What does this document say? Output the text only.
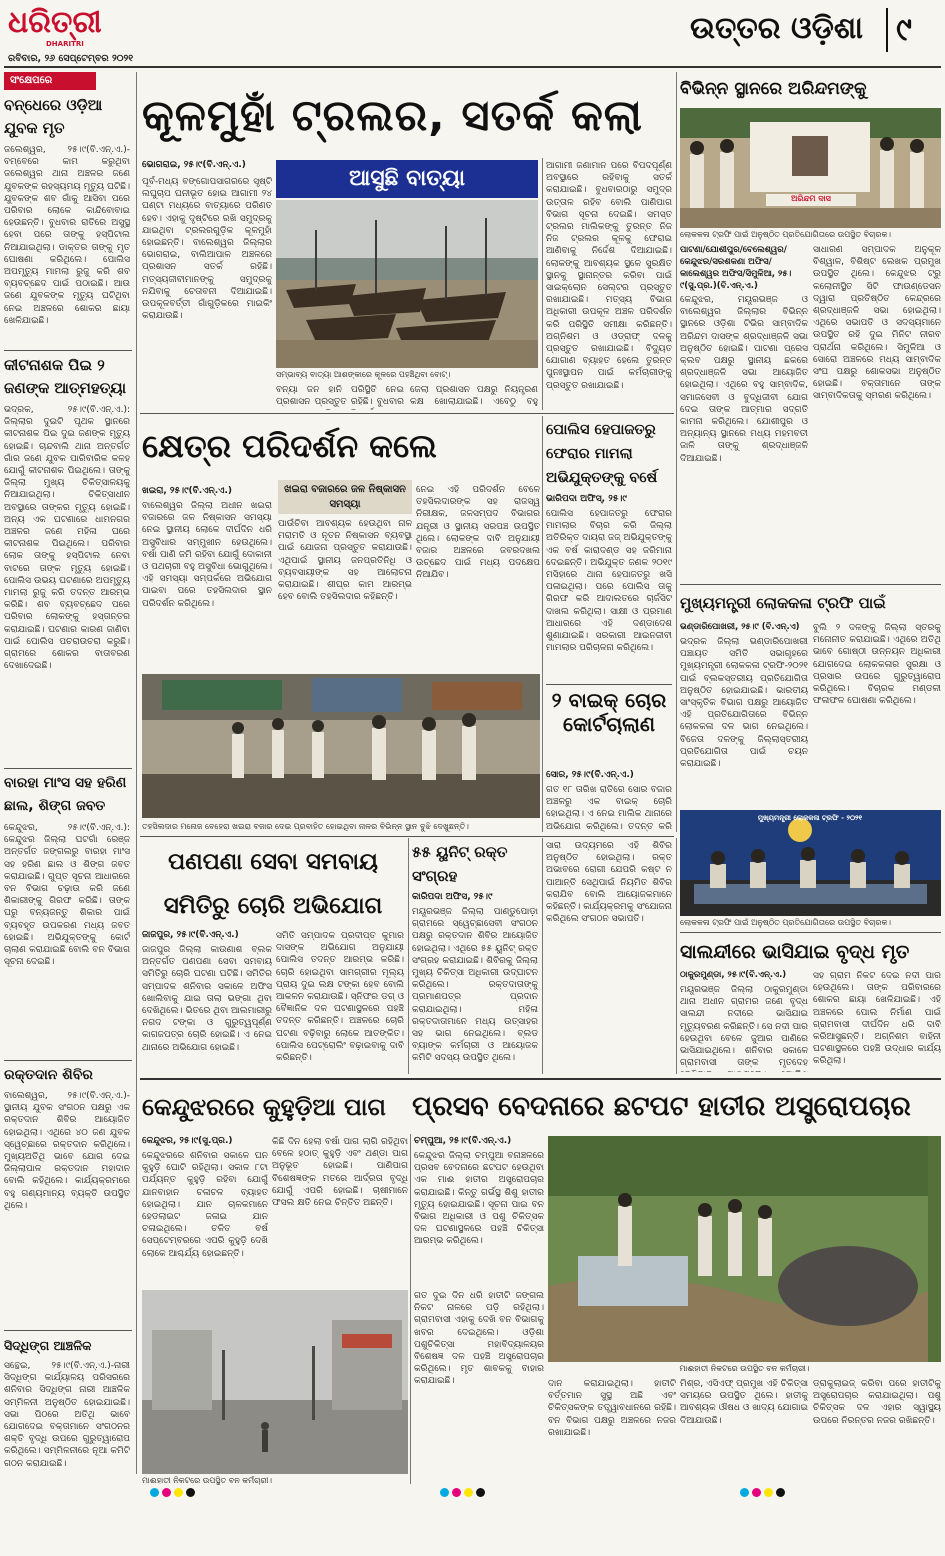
ଧରିତ୍ରୀ
DHARITRI
ରବିବାର, ୨୬ ସେପ୍ଟେମ୍ବର ୨୦୨୧
ଉତ୍ତର ଓଡ଼ିଶା	୯
ସଂକ୍ଷେପରେ
ବନ୍ଧେରେ ଓଡ଼ିଆ ଯୁବକ ମୃତ
ଜଲେଶ୍ୱର, ୨୫।୯(ବି.ଏନ୍‌.ଏ.)-ବମ୍ବେରେ କାମ କରୁଥିବା ଜଲେଶ୍ୱର ଥାନା ଅଞ୍ଚଳର ଜଣେ ଯୁବକଙ୍କ ରହସ୍ୟମୟ ମୃତ୍ୟୁ ଘଟିଛି। ଯୁବକଙ୍କ ଶବ ଗାଁକୁ ଆସିବା ପରେ ପରିବାର ଲୋକେ କାନ୍ଦିବୋବାଇ ହେଉଛନ୍ତି। ବୁଧବାର ରାତିରେ ଅସୁସ୍ଥ ହେବା ପରେ ତାଙ୍କୁ ହସ୍ପିଟାଲ ନିଆଯାଇଥିଲା। ଡାକ୍ତର ତାଙ୍କୁ ମୃତ ଘୋଷଣା କରିଥିଲେ। ପୋଲିସ ଅପମୃତ୍ୟୁ ମାମଲା ରୁଜୁ କରି ଶବ ବ୍ୟବଚ୍ଛେଦ ପାଇଁ ପଠାଇଛି। ଆଉ ଜଣେ ଯୁବକଙ୍କ ମୃତ୍ୟୁ ଘଟିଥିବା ନେଇ ଅଞ୍ଚଳରେ ଶୋକର ଛାୟା ଖେଳିଯାଇଛି।
କୀଟନାଶକ ପିଇ ୨ ଜଣଙ୍କ ଆତ୍ମହତ୍ୟା
ଭଦ୍ରକ, ୨୫।୯(ବି.ଏନ୍‌.ଏ.): ଜିଲ୍ଲାର ଦୁଇଟି ପୃଥକ ସ୍ଥାନରେ କୀଟନାଶକ ପିଇ ଦୁଇ ଜଣଙ୍କ ମୃତ୍ୟୁ ହୋଇଛି। ଚାନ୍ଦବାଲି ଥାନା ଅନ୍ତର୍ଗତ ଗାଁର ଜଣେ ଯୁବକ ପାରିବାରିକ କଳହ ଯୋଗୁଁ କୀଟନାଶକ ପିଇଥିଲେ। ତାଙ୍କୁ ଜିଲ୍ଲା ମୁଖ୍ୟ ଚିକିତ୍ସାଳୟକୁ ନିଆଯାଇଥିଲା। ଚିକିତ୍ସାଧୀନ ଅବସ୍ଥାରେ ତାଙ୍କର ମୃତ୍ୟୁ ହୋଇଛି। ଅନ୍ୟ ଏକ ଘଟଣାରେ ଧାମନଗର ଅଞ୍ଚଳର ଜଣେ ମହିଳା ଘରେ କୀଟନାଶକ ପିଇଥିଲେ। ପରିବାର ଲୋକ ତାଙ୍କୁ ହସ୍ପିଟାଲ ନେବା ବାଟରେ ତାଙ୍କ ମୃତ୍ୟୁ ହୋଇଛି। ପୋଲିସ ଉଭୟ ଘଟଣାରେ ଅପମୃତ୍ୟୁ ମାମଲା ରୁଜୁ କରି ତଦନ୍ତ ଆରମ୍ଭ କରିଛି। ଶବ ବ୍ୟବଚ୍ଛେଦ ପରେ ପରିବାର ଲୋକଙ୍କୁ ହସ୍ତାନ୍ତର କରାଯାଇଛି। ଘଟଣାର କାରଣ ଜାଣିବା ପାଇଁ ପୋଲିସ ପଚରାଉଚରା କରୁଛି। ଗ୍ରାମରେ ଶୋକର ବାତାବରଣ ଦେଖାଦେଇଛି।
ବାରହା ମାଂସ ସହ ହରିଣ ଛାଲ, ଶିଙ୍ଗ ଜବତ
କେନ୍ଦୁଝର, ୨୫।୯(ବି.ଏନ୍‌.ଏ.): କେନ୍ଦୁଝର ଜିଲ୍ଲା ଘଟଗାଁ ରେଞ୍ଜ ଅନ୍ତର୍ଗତ ଜଙ୍ଗଲରୁ ବାରହା ମାଂସ ସହ ହରିଣ ଛାଲ ଓ ଶିଙ୍ଗ ଜବତ କରାଯାଇଛି। ଗୁପ୍ତ ସୂଚନା ଆଧାରରେ ବନ ବିଭାଗ ଚଢ଼ାଉ କରି ଜଣେ ଶିକାରୀଙ୍କୁ ଗିରଫ କରିଛି। ତାଙ୍କ ଘରୁ ବନ୍ୟଜନ୍ତୁ ଶିକାର ପାଇଁ ବ୍ୟବହୃତ ଉପକରଣ ମଧ୍ୟ ଜବତ ହୋଇଛି। ଅଭିଯୁକ୍ତଙ୍କୁ କୋର୍ଟ ଚାଲାଣ କରାଯାଇଛି ବୋଲି ବନ ବିଭାଗ ସୂଚନା ଦେଇଛି।
ରକ୍ତଦାନ ଶିବିର
ବାଲେଶ୍ୱର, ୨୫।୯(ବି.ଏନ୍‌.ଏ.)-ସ୍ଥାନୀୟ ଯୁବକ ସଂଗଠନ ପକ୍ଷରୁ ଏକ ରକ୍ତଦାନ ଶିବିର ଆୟୋଜିତ ହୋଇଥିଲା। ଏଥିରେ ୪୦ ଜଣ ଯୁବକ ସ୍ୱେଚ୍ଛାରେ ରକ୍ତଦାନ କରିଥିଲେ। ମୁଖ୍ୟଅତିଥି ଭାବେ ଯୋଗ ଦେଇ ଜିଲ୍ଲାପାଳ ରକ୍ତଦାନ ମହାଦାନ ବୋଲି କହିଥିଲେ। କାର୍ଯ୍ୟକ୍ରମରେ ବହୁ ଗଣ୍ୟମାନ୍ୟ ବ୍ୟକ୍ତି ଉପସ୍ଥିତ ଥିଲେ।
ସିଦ୍ଧିଙ୍ଗ ଆଞ୍ଚଳିକ
ସନ୍ଥେଇ, ୨୫।୯(ବି.ଏନ୍‌.ଏ.)-ନାରୀ ସିଦ୍ଧିଙ୍ଗ କାର୍ଯ୍ୟାଳୟ ପରିସରରେ ଶନିବାର ସିଦ୍ଧିଙ୍ଗ ନାରୀ ଆଞ୍ଚଳିକ ସମ୍ମିଳନୀ ଅନୁଷ୍ଠିତ ହୋଇଯାଇଛି। ସଭା ପିଠରେ ଅତିଥି ଭାବେ ଯୋଗଦେଇ ବକ୍ତାମାନେ ସଂଗଠନର ଶକ୍ତି ବୃଦ୍ଧି ଉପରେ ଗୁରୁତ୍ୱାରୋପ କରିଥିଲେ। ସମ୍ମିଳନୀରେ ନୂଆ କମିଟି ଗଠନ କରାଯାଇଛି।
କୂଳମୁହାଁ ଟ୍ରଲର, ସତର୍କ କଲା
ଭୋଗରାଇ, ୨୫।୯(ବି.ଏନ୍‌.ଏ.)
ଆସୁଛି ବାତ୍ୟା
ପୂର୍ବ-ମଧ୍ୟ ବଙ୍ଗୋପସାଗରରେ ସୃଷ୍ଟି ଲଘୁଚାପ ଘନୀଭୂତ ହୋଇ ଆଗାମୀ ୨୪ ଘଣ୍ଟା ମଧ୍ୟରେ ବାତ୍ୟାରେ ପରିଣତ ହେବ। ଏହାକୁ ଦୃଷ୍ଟିରେ ରଖି ସମୁଦ୍ରକୁ ଯାଇଥିବା ଟ୍ରଲରଗୁଡ଼ିକ କୂଳମୁହାଁ ହୋଇଛନ୍ତି। ବାଲେଶ୍ୱର ଜିଲ୍ଲାର ଭୋଗରାଇ, ବାଲିଆପାଳ ଅଞ୍ଚଳରେ ପ୍ରଶାସନ ସତର୍କ ରହିଛି। ମତ୍ସ୍ୟଜୀବୀମାନଙ୍କୁ ସମୁଦ୍ରକୁ ନଯିବାକୁ ଚେତାବନୀ ଦିଆଯାଇଛି। ଉପକୂଳବର୍ତ୍ତୀ ଗାଁଗୁଡ଼ିକରେ ମାଇକିଂ କରାଯାଉଛି।
ସମ୍ଭାବ୍ୟ ବାତ୍ୟା ଆଶଙ୍କାରେ କୂଳରେ ପହଞ୍ଚିଥିବା ବୋଟ୍‌।
ବନ୍ୟା ଜନ ହାନି ପରିସ୍ଥିତି ନେଇ ପ୍ରଶାସନ ପ୍ରସ୍ତୁତ ରହିଛି। ବୁଧବାର
ଜେଲା ପ୍ରଶାସନ ପକ୍ଷରୁ ନିୟନ୍ତ୍ରଣ କକ୍ଷ ଖୋଲାଯାଇଛି। ଏବେଠୁ ବହୁ
ଆଗାମୀ ଜଣାମାନ ପରେ ବିପଦପୂର୍ଣ୍ଣ ଅବସ୍ଥାରେ ରହିବାକୁ ସତର୍କ କରାଯାଇଛି। ବୁଧବାରଠାରୁ ସମୁଦ୍ର ଉତ୍ତାଳ ରହିବ ବୋଲି ପାଣିପାଗ ବିଭାଗ ସୂଚନା ଦେଇଛି। ସମସ୍ତ ଟ୍ରଲର ମାଲିକଙ୍କୁ ତୁରନ୍ତ ନିଜ ନିଜ ଟ୍ରଲର କୂଳକୁ ଫେରାଇ ଆଣିବାକୁ ନିର୍ଦ୍ଦେଶ ଦିଆଯାଇଛି। ଲୋକଙ୍କୁ ଆବଶ୍ୟକ ସ୍ଥଳେ ସୁରକ୍ଷିତ ସ୍ଥାନକୁ ସ୍ଥାନାନ୍ତର କରିବା ପାଇଁ ସାଇକ୍ଲୋନ ସେଲ୍‌ଟର ପ୍ରସ୍ତୁତ ରଖାଯାଇଛି। ମତ୍ସ୍ୟ ବିଭାଗ ଅଧିକାରୀ ଉପକୂଳ ଅଞ୍ଚଳ ପରିଦର୍ଶନ କରି ପରିସ୍ଥିତି ସମୀକ୍ଷା କରିଛନ୍ତି। ଅଗ୍ନିଶମ ଓ ଓଡ୍ରାଫ୍ ଦଳକୁ ପ୍ରସ୍ତୁତ ରଖାଯାଇଛି। ବିଦ୍ୟୁତ ଯୋଗାଣ ବ୍ୟାହତ ହେଲେ ତୁରନ୍ତ ପୁନଃସ୍ଥାପନ ପାଇଁ କର୍ମଚାରୀଙ୍କୁ ପ୍ରସ୍ତୁତ ରଖାଯାଇଛି।
କ୍ଷେତ୍ର ପରିଦର୍ଶନ କଲେ
ଖଇରା, ୨୫।୯(ବି.ଏନ୍‌.ଏ.)	ଖଇରା ବଜାରରେ ଜଳ ନିଷ୍କାସନ ସମସ୍ୟା
ବାଲେଶ୍ୱର ଜିଲ୍ଲା ଅଧୀନ ଖଇରା ବଜାରରେ ଜଳ ନିଷ୍କାସନ ସମସ୍ୟା ନେଇ ସ୍ଥାନୀୟ ଲୋକେ ଦୀର୍ଘଦିନ ଧରି ଅସୁବିଧାର ସମ୍ମୁଖୀନ ହେଉଥିଲେ। ବର୍ଷା ପାଣି ଜମି ରହିବା ଯୋଗୁଁ ଦୋକାନୀ ଓ ପଥଚାରୀ ବହୁ ଅସୁବିଧା ଭୋଗୁଥିଲେ। ଏହି ସମସ୍ୟା ସମ୍ପର୍କରେ ଅଭିଯୋଗ ପାଇବା ପରେ ତହସିଲଦାର ସ୍ଥାନ ପରିଦର୍ଶନ କରିଥିଲେ।
ପାଉଁଚିବା ଆବଶ୍ୟକ ହେଉଥିବା ନାଳ ମରାମତି ଓ ନୂତନ ନିଷ୍କାସନ ବ୍ୟବସ୍ଥା ପାଇଁ ଯୋଜନା ପ୍ରସ୍ତୁତ କରାଯାଉଛି। ଏଥିପାଇଁ ସ୍ଥାନୀୟ ଜନପ୍ରତିନିଧି ଓ ବ୍ୟବସାୟୀଙ୍କ ସହ ଆଲୋଚନା କରାଯାଇଛି। ଶୀଘ୍ର କାମ ଆରମ୍ଭ ହେବ ବୋଲି ତହସିଲଦାର କହିଛନ୍ତି।
ନେଇ ଏହି ପରିଦର୍ଶନ ବେଳେ ତହସିଲଦାରଙ୍କ ସହ ରାଜସ୍ୱ ନିରୀକ୍ଷକ, ଜଳସମ୍ପଦ ବିଭାଗର ଯନ୍ତ୍ରୀ ଓ ସ୍ଥାନୀୟ ସରପଞ୍ଚ ଉପସ୍ଥିତ ଥିଲେ। ଲୋକଙ୍କ ଦାବି ଅନୁଯାୟୀ ବଜାର ଅଞ୍ଚଳରେ ଜବରଦଖଲ ଉଚ୍ଛେଦ ପାଇଁ ମଧ୍ୟ ପଦକ୍ଷେପ ନିଆଯିବ।
ତହସିଲଦାର ମନୋଜ ବେହେରା ଖଇରା ବଜାର ଦେଇ ପ୍ରବାହିତ ହୋଇଥିବା ନାଳର ବିଭିନ୍ନ ସ୍ଥାନ ବୁଝି ଦେଖୁଛନ୍ତି।
ପୋଲିସ ହେପାଜତରୁ ଫେରାର ମାମଲା ଅଭିଯୁକ୍ତଙ୍କୁ ବର୍ଷେ
ଭାରିପଦା ଅଫିସ୍‌, ୨୫।୯
ପୋଲିସ ହେପାଜତରୁ ଫେରାର ମାମଲାର ବିଚାର କରି ଜିଲ୍ଲା ଅତିରିକ୍ତ ଦାୟରା ଜଜ୍‌ ଅଭିଯୁକ୍ତଙ୍କୁ ଏକ ବର୍ଷ କାରାଦଣ୍ଡ ସହ ଜରିମାନା ଦେଇଛନ୍ତି। ଅଭିଯୁକ୍ତ ଜଣକ ୨୦୧୯ ମସିହାରେ ଥାନା ହେପାଜତରୁ ଖସି ପଳାଇଥିଲା। ପରେ ପୋଲିସ ତାକୁ ଗିରଫ କରି ଆଦାଲତରେ ଚାର୍ଜସିଟ ଦାଖଲ କରିଥିଲା। ସାକ୍ଷୀ ଓ ପ୍ରମାଣ ଆଧାରରେ ଏହି ଦଣ୍ଡାଦେଶ ଶୁଣାଯାଇଛି। ସରକାରୀ ଆଇନଜୀବୀ ମାମଲାର ପରିଚାଳନା କରିଥିଲେ।
୨ ବାଇକ୍ ଚୋର କୋର୍ଟଚାଲାଣ
ସୋର, ୨୫।୯(ବି.ଏନ୍‌.ଏ.)
ଗତ ୧୮ ତାରିଖ ରାତିରେ ସୋର ବଜାର ଅଞ୍ଚଳରୁ ଏକ ବାଇକ୍ ଚୋରି ହୋଇଥିଲା। ଏ ନେଇ ମାଲିକ ଥାନାରେ ଅଭିଯୋଗ କରିଥିଲେ। ତଦନ୍ତ କରି
ବିଭିନ୍ନ ସ୍ଥାନରେ ଅରିନ୍ଦମଙ୍କୁ
ଅରିନ୍ଦମ ଦାସ
ଲୋକକଳା ଟ୍ରଫି ପାଇଁ ଅନୁଷ୍ଠିତ ପ୍ରତିଯୋଗିତାରେ ଉପସ୍ଥିତ ବିଚାରକ।
ପାଟଣା/ଯୋଶୀପୁର/ବେଲେଶ୍ୱର/କେନ୍ଦୁଝର/ସରଶକଣା ଅଫିସ/କାଲେଶ୍ୱର ଅଫିସ/ସିମୁଳିଆ, ୨୫।୯(ସୁ.ପ୍ର.)(ବି.ଏନ୍‌.ଏ.)
କେନ୍ଦୁଝର, ମୟୂରଭଞ୍ଜ ଓ ବାଲେଶ୍ୱର ଜିଲ୍ଲାର ବିଭିନ୍ନ ସ୍ଥାନରେ ଓଡ଼ିଶା ଟିଭିର ସାମ୍ବାଦିକ ଅରିନ୍ଦମ ଦାସଙ୍କ ଶ୍ରଦ୍ଧାଞ୍ଜଳି ସଭା ଅନୁଷ୍ଠିତ ହୋଇଛି। ପାଟଣା ପ୍ରେସ କ୍ଲବ ପକ୍ଷରୁ ସ୍ଥାନୀୟ ଛକରେ ଶ୍ରଦ୍ଧାଞ୍ଜଳି ସଭା ଆୟୋଜିତ ହୋଇଥିଲା। ଏଥିରେ ବହୁ ସାମ୍ବାଦିକ, ସମାଜସେବୀ ଓ ବୁଦ୍ଧିଜୀବୀ ଯୋଗ ଦେଇ ତାଙ୍କ ଆତ୍ମାର ସଦ୍ଗତି କାମନା କରିଥିଲେ। ଯୋଶୀପୁର ଓ ଅନ୍ୟାନ୍ୟ ସ୍ଥାନରେ ମଧ୍ୟ ମହମବତୀ ଜାଳି ତାଙ୍କୁ ଶ୍ରଦ୍ଧାଞ୍ଜଳି ଦିଆଯାଇଛି।
ସାଧାରଣ ସମ୍ପାଦକ ଅନୁକୂଳ ବିଶ୍ୱାଳ, ବିଶିଷ୍ଟ ଲେଖକ ପ୍ରମୁଖ ଉପସ୍ଥିତ ଥିଲେ। କେନ୍ଦୁଝର ଟ୍ରୁ କଲୋନୀସ୍ଥିତ ସିଟି ଫାଉଣ୍ଡେସନ ଦ୍ୱାରା ପ୍ରତିଷ୍ଠିତ କେନ୍ଦ୍ରରେ ଶ୍ରଦ୍ଧାଞ୍ଜଳି ସଭା ହୋଇଥିଲା। ଏଥିରେ ସଭାପତି ଓ ସଦସ୍ୟମାନେ ଉପସ୍ଥିତ ରହି ଦୁଇ ମିନିଟ ନୀରବ ପ୍ରାର୍ଥନା କରିଥିଲେ। ସିମୁଳିଆ ଓ ସୋରୋ ଅଞ୍ଚଳରେ ମଧ୍ୟ ସାମ୍ବାଦିକ ସଂଘ ପକ୍ଷରୁ ଶୋକସଭା ଅନୁଷ୍ଠିତ ହୋଇଛି। ବକ୍ତାମାନେ ତାଙ୍କ ସାମ୍ବାଦିକତାକୁ ସ୍ମରଣ କରିଥିଲେ।
ମୁଖ୍ୟମନ୍ତ୍ରୀ ଲୋକକଳା ଟ୍ରଫି ପାଇଁ
ଭଣ୍ଡାରିପୋଖରୀ, ୨୫।୯ (ବି.ଏନ୍‌.ଏ)
ଭଦ୍ରକ ଜିଲ୍ଲା ଭଣ୍ଡାରିପୋଖରୀ ପଞ୍ଚାୟତ ସମିତି ସଭାଗୃହରେ ମୁଖ୍ୟମନ୍ତ୍ରୀ ଲୋକକଳା ଟ୍ରଫି-୨୦୨୧ ପାଇଁ ବ୍ଲକସ୍ତରୀୟ ପ୍ରତିଯୋଗିତା ଅନୁଷ୍ଠିତ ହୋଇଯାଇଛି। ଭାରତୀୟ ସାଂସ୍କୃତିକ ବିଭାଗ ପକ୍ଷରୁ ଆୟୋଜିତ ଏହି ପ୍ରତିଯୋଗିତାରେ ବିଭିନ୍ନ ଲୋକକଳା ଦଳ ଭାଗ ନେଇଥିଲେ। ବିଜେତା ଦଳଙ୍କୁ ଜିଲ୍ଲାସ୍ତରୀୟ ପ୍ରତିଯୋଗିତା ପାଇଁ ଚୟନ କରାଯାଇଛି।
ବୁଲି ୨ ଦଳଙ୍କୁ ଜିଲ୍ଲା ସ୍ତରକୁ ମନୋନୀତ କରାଯାଇଛି। ଏଥିରେ ଅତିଥି ଭାବେ ଗୋଷ୍ଠୀ ଉନ୍ନୟନ ଅଧିକାରୀ ଯୋଗଦେଇ ଲୋକକଳାର ସୁରକ୍ଷା ଓ ପ୍ରସାର ଉପରେ ଗୁରୁତ୍ୱାରୋପ କରିଥିଲେ। ବିଚାରକ ମଣ୍ଡଳୀ ଫଳାଫଳ ଘୋଷଣା କରିଥିଲେ।
ମୁଖ୍ୟମନ୍ତ୍ରୀ ଲୋକକଳା ଟ୍ରଫି - ୨୦୨୧
ଲୋକକଳା ଟ୍ରଫି ପାଇଁ ଅନୁଷ୍ଠିତ ପ୍ରତିଯୋଗିତାରେ ଉପସ୍ଥିତ ବିଚାରକ।
ପଣପଣା ସେବା ସମବାୟ ସମିତିରୁ ଚୋରି ଅଭିଯୋଗ
ଜାଜପୁର, ୨୫।୯(ବି.ଏନ୍‌.ଏ.)
ଜାଜପୁର ଜିଲ୍ଲା କାଉଣାଶ ବ୍ଲକ ଅନ୍ତର୍ଗତ ପଣପଣା ସେବା ସମବାୟ ସମିତିରୁ ଚୋରି ଘଟଣା ଘଟିଛି। ସମିତିର ସମ୍ପାଦକ ଶନିବାର ସକାଳେ ଅଫିସ ଖୋଲିବାକୁ ଯାଇ ତାଲା ଭଙ୍ଗା ଥିବା ଦେଖିଥିଲେ। ଭିତରେ ଥିବା ଆଲମାରୀରୁ ନଗଦ ଟଙ୍କା ଓ ଗୁରୁତ୍ୱପୂର୍ଣ୍ଣ କାଗଜପତ୍ର ଚୋରି ହୋଇଛି। ଏ ନେଇ ଥାନାରେ ଅଭିଯୋଗ ହୋଇଛି।
ସମିତି ସମ୍ପାଦକ ପ୍ରଦୀପ୍ତ କୁମାର ଦାସଙ୍କ ଅଭିଯୋଗ ଅନୁଯାୟୀ ପୋଲିସ ତଦନ୍ତ ଆରମ୍ଭ କରିଛି। ଚୋରି ହୋଇଥିବା ସାମଗ୍ରୀର ମୂଲ୍ୟ ପ୍ରାୟ ଦୁଇ ଲକ୍ଷ ଟଙ୍କା ହେବ ବୋଲି ଆକଳନ କରାଯାଉଛି। ସ୍ନିଫର ଡଗ୍ ଓ ବୈଜ୍ଞାନିକ ଦଳ ଘଟଣାସ୍ଥଳରେ ପହଞ୍ଚି ତଦନ୍ତ କରିଛନ୍ତି। ଅଞ୍ଚଳରେ ଚୋରି ଘଟଣା ବଢ଼ିବାରୁ ଲୋକେ ଆତଙ୍କିତ। ପୋଲିସ ପେଟ୍ରୋଲିଂ ବଢ଼ାଇବାକୁ ଦାବି କରିଛନ୍ତି।
୫୫ ୟୁନିଟ୍ ରକ୍ତ ସଂଗ୍ରହ
କାରିପଦା ଅଫିସ, ୨୫।୯
ମୟୂରଭଞ୍ଜ ଜିଲ୍ଲା ପାଣ୍ଡୁପୋଡ଼ା ଗ୍ରାମରେ ସ୍ୱେଚ୍ଛାସେବୀ ସଂଗଠନ ପକ୍ଷରୁ ରକ୍ତଦାନ ଶିବିର ଆୟୋଜିତ ହୋଇଥିଲା। ଏଥିରେ ୫୫ ୟୁନିଟ୍ ରକ୍ତ ସଂଗ୍ରହ କରାଯାଇଛି। ଶିବିରକୁ ଜିଲ୍ଲା ମୁଖ୍ୟ ଚିକିତ୍ସା ଅଧିକାରୀ ଉଦ୍‌ଘାଟନ କରିଥିଲେ। ରକ୍ତଦାତାଙ୍କୁ ପ୍ରମାଣପତ୍ର ପ୍ରଦାନ କରାଯାଇଥିଲା। ମହିଳା ରକ୍ତଦାତାମାନେ ମଧ୍ୟ ଉତ୍ସାହର ସହ ଭାଗ ନେଇଥିଲେ। ବ୍ଲଡ ବ୍ୟାଙ୍କ କର୍ମଚାରୀ ଓ ଆୟୋଜକ କମିଟି ସଦସ୍ୟ ଉପସ୍ଥିତ ଥିଲେ।
ସାରା ଉଦ୍ୟମରେ ଏହି ଶିବିର ଅନୁଷ୍ଠିତ ହୋଇଥିଲା। ରକ୍ତ ଅଭାବରେ ରୋଗୀ ଯେପରି କଷ୍ଟ ନ ପାଆନ୍ତି ସେଥିପାଇଁ ନିୟମିତ ଶିବିର କରାଯିବ ବୋଲି ଆୟୋଜକମାନେ କହିଛନ୍ତି। କାର୍ଯ୍ୟକ୍ରମକୁ ସଂଯୋଜନା କରିଥିଲେ ସଂଗଠନ ସଭାପତି।
ସାଲନ୍ଦୀରେ ଭାସିଯାଇ ବୃଦ୍ଧ ମୃତ
ଠାକୁରମୁଣ୍ଡା, ୨୫।୯(ବି.ଏନ୍‌.ଏ.)
ମୟୂରଭଞ୍ଜ ଜିଲ୍ଲା ଠାକୁରମୁଣ୍ଡା ଥାନା ଅଧୀନ ଗ୍ରାମର ଜଣେ ବୃଦ୍ଧ ସାଲନ୍ଦୀ ନଦୀରେ ଭାସିଯାଇ ମୃତ୍ୟୁବରଣ କରିଛନ୍ତି। ସେ ନଦୀ ପାର ହେଉଥିବା ବେଳେ ଜୁଆର ପାଣିରେ ଭାସିଯାଇଥିଲେ। ଶନିବାର ସକାଳେ ଗ୍ରାମବାସୀ ତାଙ୍କ ମୃତଦେହ
ସହ ଗ୍ରାମ ନିକଟ ଦେଇ ନଦୀ ପାର ହେଉଥିଲେ। ତାଙ୍କ ପରିବାରରେ ଶୋକର ଛାୟା ଖେଳିଯାଇଛି। ଏହି ଅଞ୍ଚଳରେ ପୋଲ ନିର୍ମାଣ ପାଇଁ ଗ୍ରାମବାସୀ ଦୀର୍ଘଦିନ ଧରି ଦାବି କରିଆସୁଛନ୍ତି। ଅଗ୍ନିଶମ ବାହିନୀ ଘଟଣାସ୍ଥଳରେ ପହଞ୍ଚି ଉଦ୍ଧାର କାର୍ଯ୍ୟ କରିଥିଲା।
କେନ୍ଦୁଝରରେ କୁହୁଡ଼ିଆ ପାଗ ପ୍ରସବ ବେଦନାରେ ଛଟପଟ ହାତୀର ଅସ୍ତ୍ରୋପଚାର
କେନ୍ଦୁଝର, ୨୫।୯(ସୁ.ପ୍ର.)
କେନ୍ଦୁଝରରେ ଶନିବାର ସକାଳେ ଘନ କୁହୁଡ଼ି ଘୋଟି ରହିଥିଲା। ସକାଳ ୮ଟା ପର୍ଯ୍ୟନ୍ତ କୁହୁଡ଼ି ରହିବା ଯୋଗୁଁ ଯାନବାହାନ ଚଳାଚଳ ବ୍ୟାହତ ହୋଇଥିଲା। ଯାନ ଚାଳକମାନେ ହେଡଲାଇଟ ଜଳାଇ ଯାନ ଚଳାଇଥିଲେ। ଚଳିତ ବର୍ଷ ସେପ୍ଟେମ୍ବରରେ ଏପରି କୁହୁଡ଼ି ଦେଖି ଲୋକେ ଆଶ୍ଚର୍ଯ୍ୟ ହୋଇଛନ୍ତି।
କିଛି ଦିନ ହେଲା ବର୍ଷା ପାଗ ଲାଗି ରହିଥିବା ବେଳେ ହଠାତ୍ କୁହୁଡ଼ି ଏବଂ ଥଣ୍ଡା ପାଗ ଅନୁଭୂତ ହୋଇଛି। ପାଣିପାଗ ବିଶେଷଜ୍ଞଙ୍କ ମତରେ ଆର୍ଦ୍ରତା ବୃଦ୍ଧି ଯୋଗୁଁ ଏପରି ହୋଇଛି। ଚାଷୀମାନେ ଫସଲ କ୍ଷତି ନେଇ ଚିନ୍ତିତ ଅଛନ୍ତି।
ମାଈହାତୀ ନିକଟରେ ଉପସ୍ଥିତ ବନ କର୍ମଚାରୀ।
ଚମ୍ପୁଆ, ୨୫।୯(ବି.ଏନ୍‌.ଏ.)
କେନ୍ଦୁଝର ଜିଲ୍ଲା ଚମ୍ପୁଆ ବନାଞ୍ଚଳରେ ପ୍ରସବ ବେଦନାରେ ଛଟପଟ ହେଉଥିବା ଏକ ମାଈ ହାତୀର ଅସ୍ତ୍ରୋପଚାର କରାଯାଇଛି। କିନ୍ତୁ ଗର୍ଭସ୍ଥ ଶିଶୁ ହାତୀର ମୃତ୍ୟୁ ହୋଇଯାଇଛି। ସୂଚନା ପାଇ ବନ ବିଭାଗ ଅଧିକାରୀ ଓ ପଶୁ ଚିକିତ୍ସକ ଦଳ ଘଟଣାସ୍ଥଳରେ ପହଞ୍ଚି ଚିକିତ୍ସା ଆରମ୍ଭ କରିଥିଲେ।
ଗତ ଦୁଇ ଦିନ ଧରି ହାତୀଟି ଜଙ୍ଗଲ ନିକଟ ନାଳରେ ପଡ଼ି ରହିଥିଲା। ଗ୍ରାମବାସୀ ଏହାକୁ ଦେଖି ବନ ବିଭାଗକୁ ଖବର ଦେଇଥିଲେ। ଓଡ଼ିଶା ପଶୁଚିକିତ୍ସା ମହାବିଦ୍ୟାଳୟର ବିଶେଷଜ୍ଞ ଦଳ ପହଞ୍ଚି ଅସ୍ତ୍ରୋପଚାର କରିଥିଲେ। ମୃତ ଶାବକକୁ ବାହାର କରାଯାଇଛି।
ମାଈହାତୀ ନିକଟରେ ଉପସ୍ଥିତ ବନ କର୍ମଚାରୀ।
ଦାନ କରାଯାଇଥିଲା। ହାତୀଟି ବର୍ତ୍ତମାନ ସୁସ୍ଥ ଅଛି ଏବଂ ଚିକିତ୍ସକଙ୍କ ତତ୍ତ୍ୱାବଧାନରେ ରହିଛି। ବନ ବିଭାଗ ପକ୍ଷରୁ ଅଞ୍ଚଳରେ ନଜର ରଖାଯାଇଛି।
ମିଶ୍ର, ଏସିଏଫ୍‌ ପ୍ରମୁଖ ଏହି ଚିକିତ୍ସା ସମୟରେ ଉପସ୍ଥିତ ଥିଲେ। ହାତୀକୁ ଆବଶ୍ୟକ ଔଷଧ ଓ ଖାଦ୍ୟ ଯୋଗାଇ ଦିଆଯାଉଛି।
ଡ୍ରାକୁଲାଇଜ୍‌ କରିବା ପରେ ହାତୀଟିକୁ ଅସ୍ତ୍ରୋପଚାର କରାଯାଇଥିଲା। ପଶୁ ଚିକିତ୍ସକ ଦଳ ଏହାର ସ୍ୱାସ୍ଥ୍ୟ ଉପରେ ନିରନ୍ତର ନଜର ରଖିଛନ୍ତି।
